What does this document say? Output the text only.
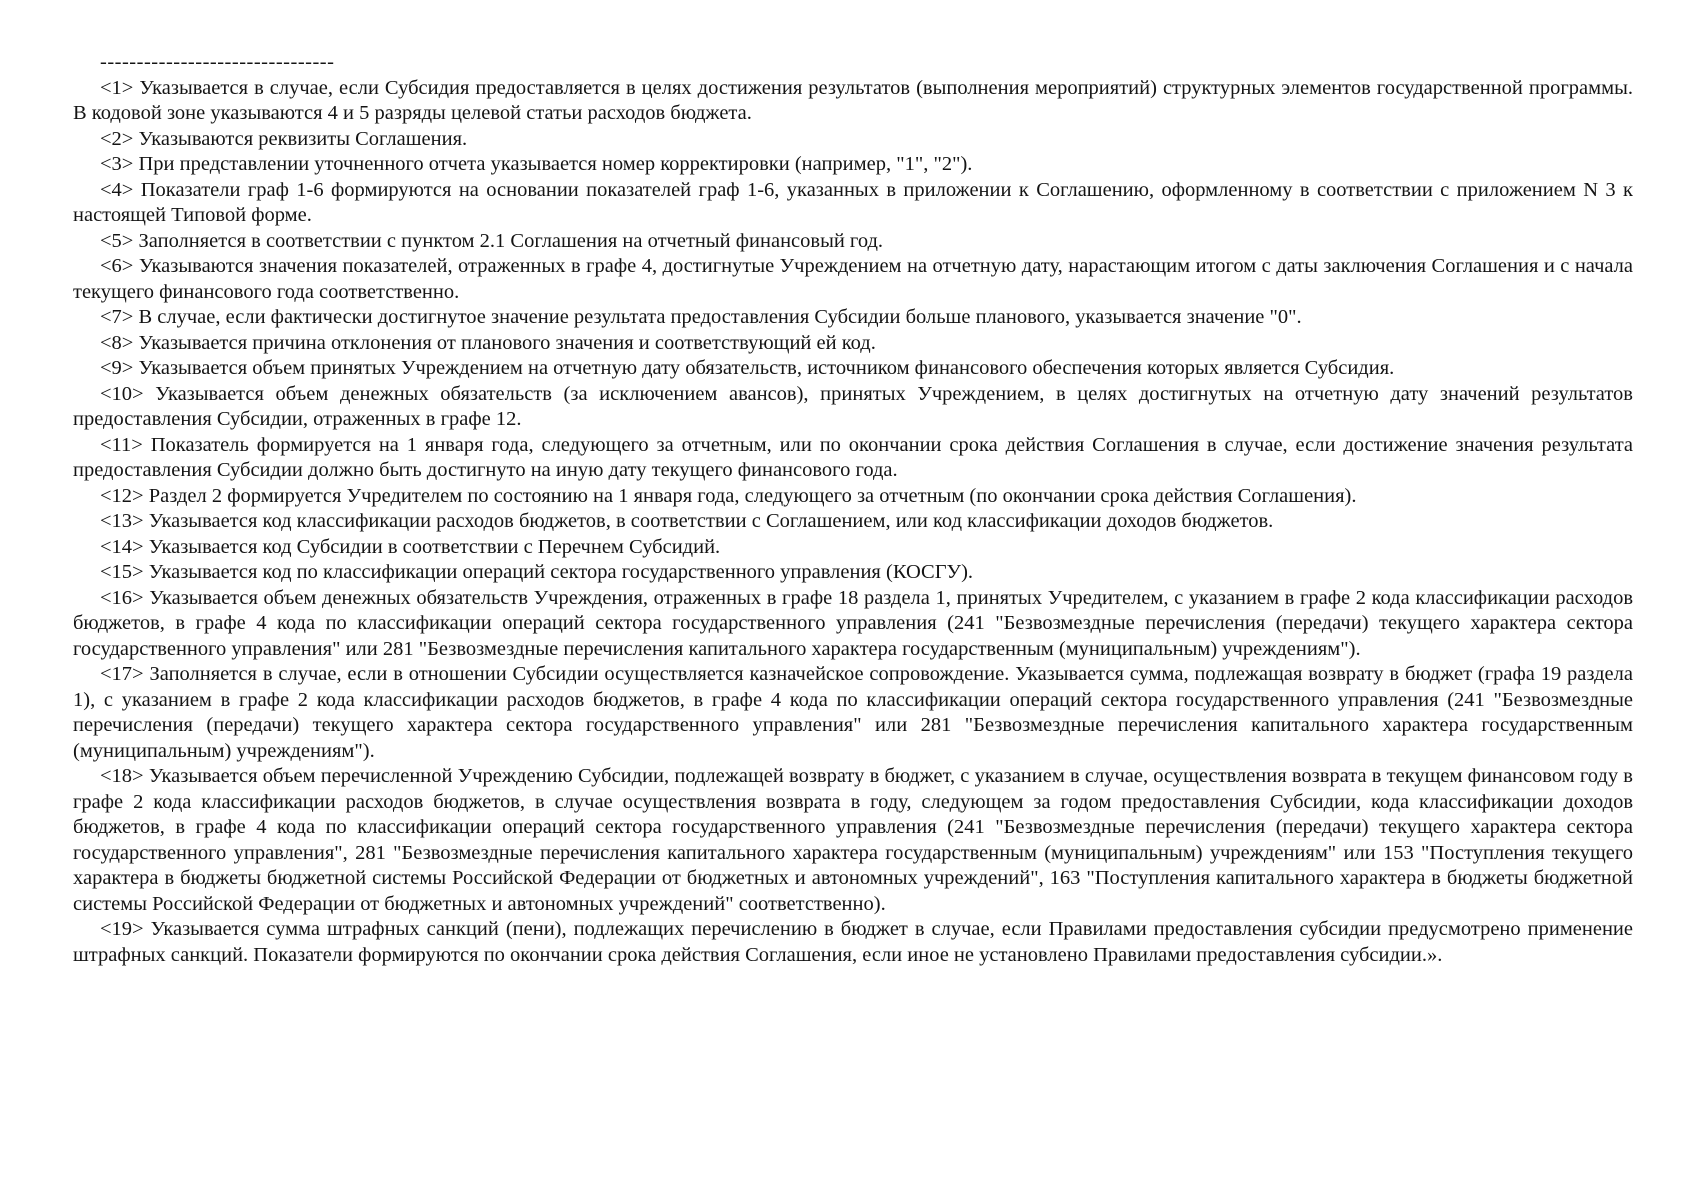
--------------------------------

<1> Указывается в случае, если Субсидия предоставляется в целях достижения результатов (выполнения мероприятий) структурных элементов государственной программы. В кодовой зоне указываются 4 и 5 разряды целевой статьи расходов бюджета.

<2> Указываются реквизиты Соглашения.

<3> При представлении уточненного отчета указывается номер корректировки (например, "1", "2").

<4> Показатели граф 1-6 формируются на основании показателей граф 1-6, указанных в приложении к Соглашению, оформленному в соответствии с приложением N 3 к настоящей Типовой форме.

<5> Заполняется в соответствии с пунктом 2.1 Соглашения на отчетный финансовый год.

<6> Указываются значения показателей, отраженных в графе 4, достигнутые Учреждением на отчетную дату, нарастающим итогом с даты заключения Соглашения и с начала текущего финансового года соответственно.

<7> В случае, если фактически достигнутое значение результата предоставления Субсидии больше планового, указывается значение "0".

<8> Указывается причина отклонения от планового значения и соответствующий ей код.

<9> Указывается объем принятых Учреждением на отчетную дату обязательств, источником финансового обеспечения которых является Субсидия.

<10> Указывается объем денежных обязательств (за исключением авансов), принятых Учреждением, в целях достигнутых на отчетную дату значений результатов предоставления Субсидии, отраженных в графе 12.

<11> Показатель формируется на 1 января года, следующего за отчетным, или по окончании срока действия Соглашения в случае, если достижение значения результата предоставления Субсидии должно быть достигнуто на иную дату текущего финансового года.

<12> Раздел 2 формируется Учредителем по состоянию на 1 января года, следующего за отчетным (по окончании срока действия Соглашения).

<13> Указывается код классификации расходов бюджетов, в соответствии с Соглашением, или код классификации доходов бюджетов.

<14> Указывается код Субсидии в соответствии с Перечнем Субсидий.

<15> Указывается код по классификации операций сектора государственного управления (КОСГУ).

<16> Указывается объем денежных обязательств Учреждения, отраженных в графе 18 раздела 1, принятых Учредителем, с указанием в графе 2 кода классификации расходов бюджетов, в графе 4 кода по классификации операций сектора государственного управления (241 "Безвозмездные перечисления (передачи) текущего характера сектора государственного управления" или 281 "Безвозмездные перечисления капитального характера государственным (муниципальным) учреждениям").

<17> Заполняется в случае, если в отношении Субсидии осуществляется казначейское сопровождение. Указывается сумма, подлежащая возврату в бюджет (графа 19 раздела 1), с указанием в графе 2 кода классификации расходов бюджетов, в графе 4 кода по классификации операций сектора государственного управления (241 "Безвозмездные перечисления (передачи) текущего характера сектора государственного управления" или 281 "Безвозмездные перечисления капитального характера государственным (муниципальным) учреждениям").

<18> Указывается объем перечисленной Учреждению Субсидии, подлежащей возврату в бюджет, с указанием в случае, осуществления возврата в текущем финансовом году в графе 2 кода классификации расходов бюджетов, в случае осуществления возврата в году, следующем за годом предоставления Субсидии, кода классификации доходов бюджетов, в графе 4 кода по классификации операций сектора государственного управления (241 "Безвозмездные перечисления (передачи) текущего характера сектора государственного управления", 281 "Безвозмездные перечисления капитального характера государственным (муниципальным) учреждениям" или 153 "Поступления текущего характера в бюджеты бюджетной системы Российской Федерации от бюджетных и автономных учреждений", 163 "Поступления капитального характера в бюджеты бюджетной системы Российской Федерации от бюджетных и автономных учреждений" соответственно).

<19> Указывается сумма штрафных санкций (пени), подлежащих перечислению в бюджет в случае, если Правилами предоставления субсидии предусмотрено применение штрафных санкций. Показатели формируются по окончании срока действия Соглашения, если иное не установлено Правилами предоставления субсидии.».
